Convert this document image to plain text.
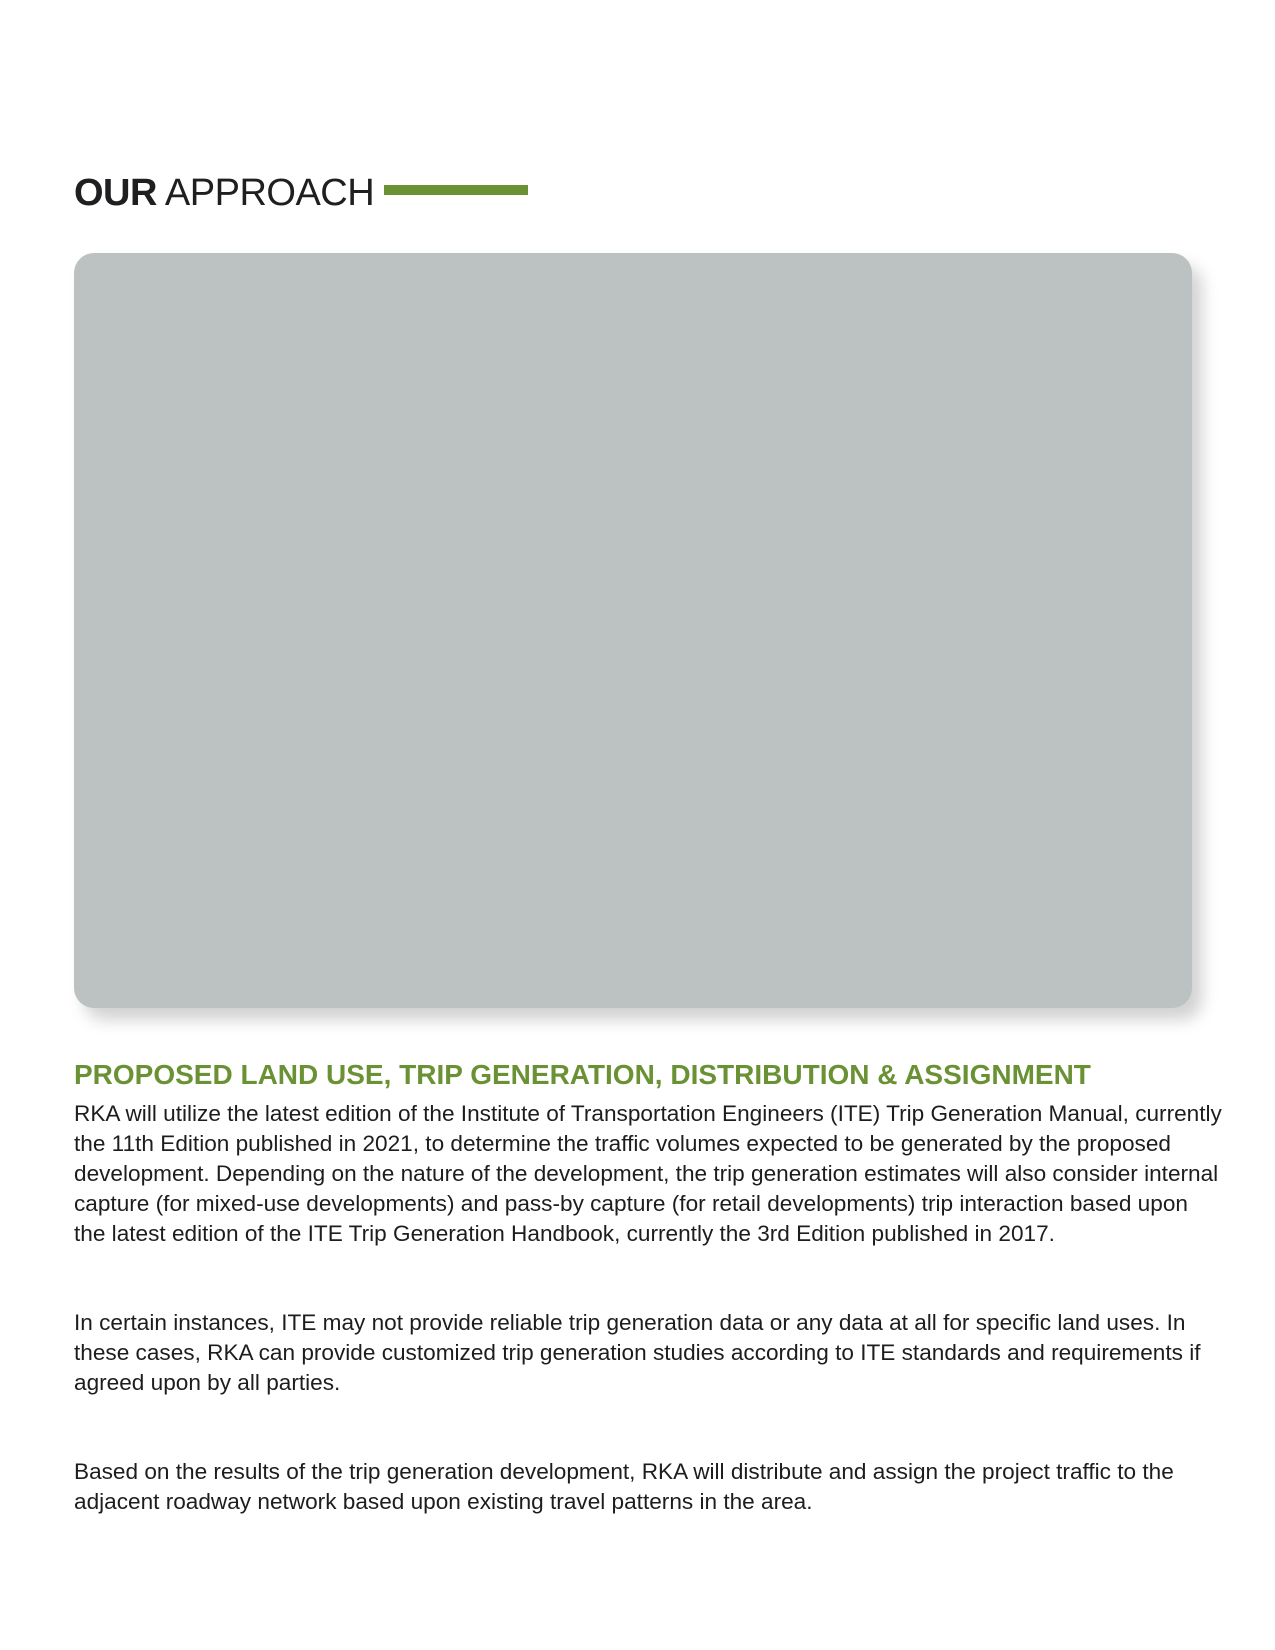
OUR APPROACH
PROPOSED LAND USE, TRIP GENERATION, DISTRIBUTION & ASSIGNMENT

RKA will utilize the latest edition of the Institute of Transportation Engineers (ITE) Trip Generation Manual, currently the 11th Edition published in 2021, to determine the traffic volumes expected to be generated by the proposed development. Depending on the nature of the development, the trip generation estimates will also consider internal capture (for mixed-use developments) and pass-by capture (for retail developments) trip interaction based upon the latest edition of the ITE Trip Generation Handbook, currently the 3rd Edition published in 2017.

In certain instances, ITE may not provide reliable trip generation data or any data at all for specific land uses. In these cases, RKA can provide customized trip generation studies according to ITE standards and requirements if agreed upon by all parties.

Based on the results of the trip generation development, RKA will distribute and assign the project traffic to the adjacent roadway network based upon existing travel patterns in the area.
